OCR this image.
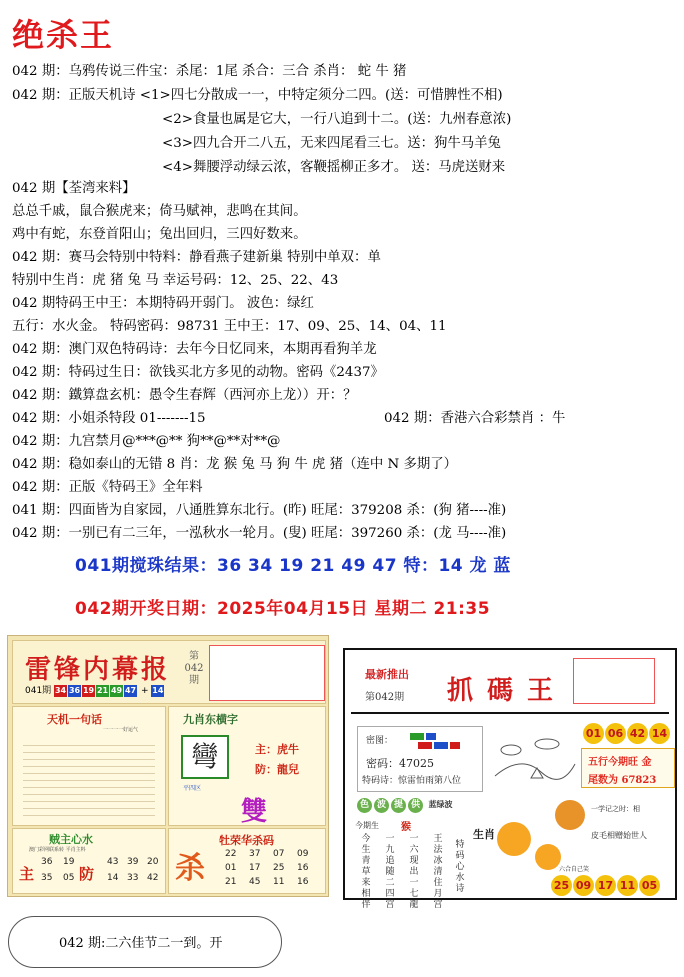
绝杀王
042 期：乌鸦传说三件宝：杀尾：1尾 杀合：三合 杀肖： 蛇 牛 猪
042 期：正版天机诗 <1>四七分散成一一，中特定须分二四。(送：可惜脾性不相)
<2>食量也属是它大，一行八追到十二。(送：九州春意浓)
<3>四九合开二八五，无来四尾看三七。送：狗牛马羊兔
<4>舞腰浮动绿云浓，客鞭摇柳正多才。 送：马虎送财来
042 期【荃湾来料】
总总千戚，鼠合猴虎来；倚马赋神，悲鸣在其间。
鸡中有蛇，东登首阳山；兔出回归，三四好数来。
042 期：赛马会特别中特料：静看燕子建新巢 特别中单双：单
特别中生肖：虎 猪 兔 马 幸运号码：12、25、22、43
042 期特码王中王：本期特码开弱门。 波色：绿红
五行：水火金。 特码密码：98731 王中王：17、09、25、14、04、11
042 期：澳门双色特码诗：去年今日忆同来，本期再看狗羊龙
042 期：特码过生日：欲钱买北方多见的动物。密码《2437》
042 期：鐵算盘玄机：愚令生春辉（西河亦上龙））开：？
042 期：小姐杀特段 01-------15	042 期：香港六合彩禁肖 ：牛
042 期：九宫禁月@***@** 狗**@**对**@
042 期：稳如泰山的无错 8 肖：龙 猴 兔 马 狗 牛 虎 猪（连中 N 多期了）
042 期：正版《特码王》全年料
041 期：四面皆为自家园，八通胜算东北行。(昨) 旺尾：379208 杀：(狗 猪----准)
042 期：一别已有二三年，一泓秋水一轮月。(叟) 旺尾：397260 杀：(龙 马----准)
041期搅珠结果：36 34 19 21 49 47 特：14 龙 蓝
042期开奖日期：2025年04月15日 星期二 21:35
雷锋内幕报	第042期
041期 34 36 19 21 49 47 + 14
天机一句话
一一一一好运气
九肖东横字
彎	主：虎牛
防：龍兒
平四区
雙
贼主心水
澳门彩网联系转 平肖主料
主	防
36 19	43 39 20
35 05	14 33 42
牡荣华杀码
杀 22 37 07 09
01 17 25 16
21 45 11 16
最新推出
第042期 抓碼王
密图：
密码：47025
特码诗：惊雷怕雨第八位
01 06 42 14
五行今期旺 金
尾数为 67823
色 波 提 供 蓝绿波
今期生 猴
今生青草来相伴
一九追随二四宫
一六现出一七龍
王法冰清住月宫
生肖
特码心水诗
一学记之时：相
皮毛相赠始世人
六合自己笑
25 09 17 11 05
042 期:二六佳节二一到。开
